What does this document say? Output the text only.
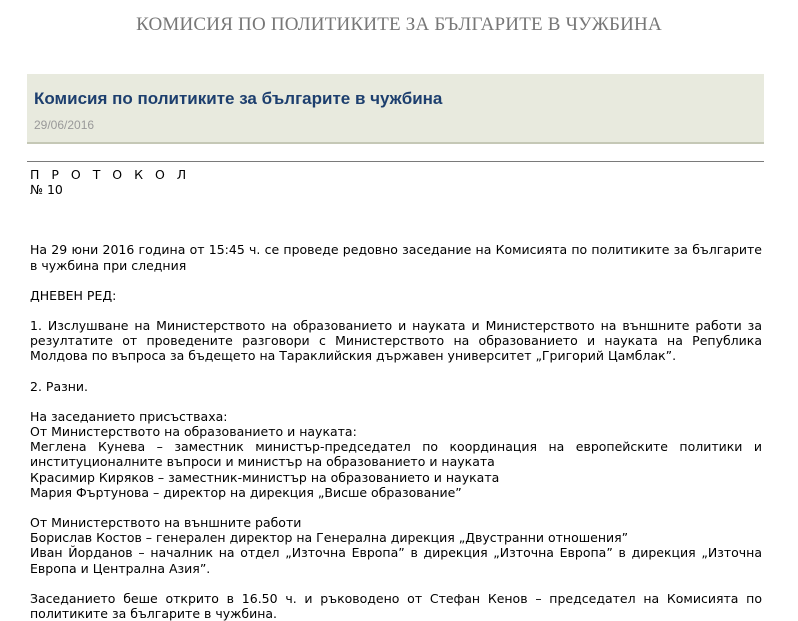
КОМИСИЯ ПО ПОЛИТИКИТЕ ЗА БЪЛГАРИТЕ В ЧУЖБИНА
Комисия по политиките за българите в чужбина
29/06/2016

П Р О Т О К О Л

№ 10

На 29 юни 2016 година от 15:45 ч. се проведе редовно заседание на Комисията по политиките за българите в чужбина при следния

ДНЕВЕН РЕД:

1. Изслушване на Министерството на образованието и науката и Министерството на външните работи за резултатите от проведените разговори с Министерството на образованието и науката на Република Молдова по въпроса за бъдещето на Тараклийския държавен университет „Григорий Цамблак”.

2. Разни.

На заседанието присъстваха:

От Министерството на образованието и науката:

Меглена Кунева – заместник министър-председател по координация на европейските политики и институционалните въпроси и министър на образованието и науката

Красимир Киряков – заместник-министър на образованието и науката

Мария Фъртунова – директор на дирекция „Висше образование”

От Министерството на външните работи

Борислав Костов – генерален директор на Генерална дирекция „Двустранни отношения”

Иван Йорданов – началник на отдел „Източна Европа” в дирекция „Източна Европа” в дирекция „Източна Европа и Централна Азия”.

Заседанието беше открито в 16.50 ч. и ръководено от Стефан Кенов – председател на Комисията по политиките за българите в чужбина.
